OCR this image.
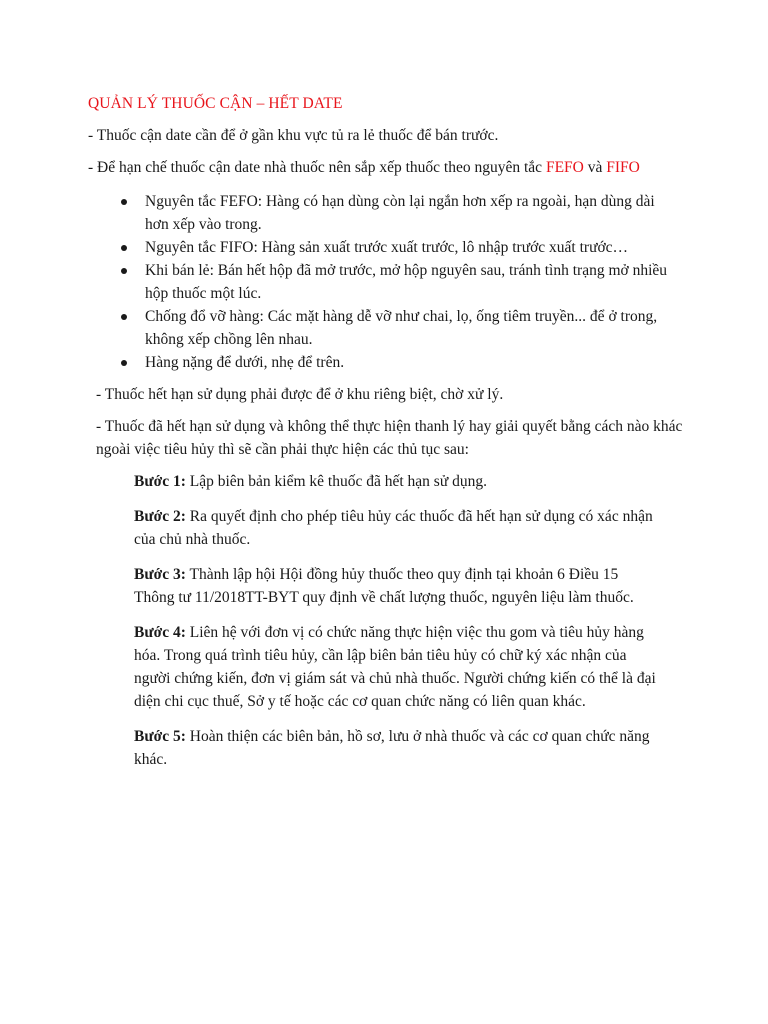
QUẢN LÝ THUỐC CẬN – HẾT DATE
- Thuốc cận date cần để ở gần khu vực tủ ra lẻ thuốc để bán trước.
- Để hạn chế thuốc cận date nhà thuốc nên sắp xếp thuốc theo nguyên tắc FEFO và FIFO
Nguyên tắc FEFO: Hàng có hạn dùng còn lại ngắn hơn xếp ra ngoài, hạn dùng dài hơn xếp vào trong.
Nguyên tắc FIFO: Hàng sản xuất trước xuất trước, lô nhập trước xuất trước…
Khi bán lẻ: Bán hết hộp đã mở trước, mở hộp nguyên sau, tránh tình trạng mở nhiều hộp thuốc một lúc.
Chống đổ vỡ hàng: Các mặt hàng dễ vỡ như chai, lọ, ống tiêm truyền... để ở trong, không xếp chồng lên nhau.
Hàng nặng để dưới, nhẹ để trên.
- Thuốc hết hạn sử dụng phải được để ở khu riêng biệt, chờ xử lý.
- Thuốc đã hết hạn sử dụng và không thể thực hiện thanh lý hay giải quyết bằng cách nào khác ngoài việc tiêu hủy thì sẽ cần phải thực hiện các thủ tục sau:
Bước 1: Lập biên bản kiểm kê thuốc đã hết hạn sử dụng.
Bước 2: Ra quyết định cho phép tiêu hủy các thuốc đã hết hạn sử dụng có xác nhận của chủ nhà thuốc.
Bước 3: Thành lập hội Hội đồng hủy thuốc theo quy định tại khoản 6 Điều 15 Thông tư 11/2018TT-BYT quy định về chất lượng thuốc, nguyên liệu làm thuốc.
Bước 4: Liên hệ với đơn vị có chức năng thực hiện việc thu gom và tiêu hủy hàng hóa. Trong quá trình tiêu hủy, cần lập biên bản tiêu hủy có chữ ký xác nhận của người chứng kiến, đơn vị giám sát và chủ nhà thuốc. Người chứng kiến có thể là đại diện chi cục thuế, Sở y tế hoặc các cơ quan chức năng có liên quan khác.
Bước 5: Hoàn thiện các biên bản, hồ sơ, lưu ở nhà thuốc và các cơ quan chức năng khác.
